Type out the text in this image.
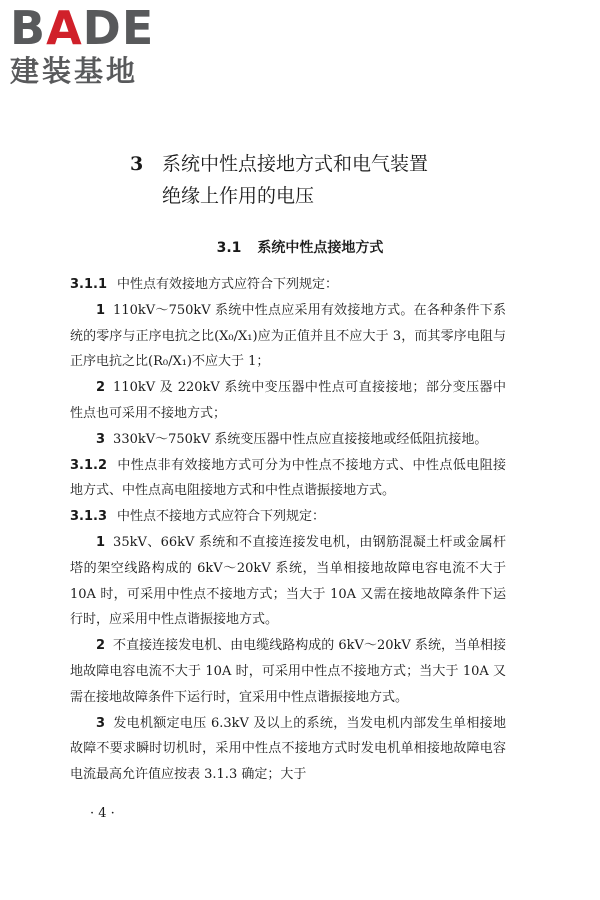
BADE
建装基地
3 系统中性点接地方式和电气装置
绝缘上作用的电压
3.1 系统中性点接地方式

3.1.1 中性点有效接地方式应符合下列规定：

1 110kV～750kV 系统中性点应采用有效接地方式。在各种条件下系统的零序与正序电抗之比(X₀/X₁)应为正值并且不应大于 3，而其零序电阻与正序电抗之比(R₀/X₁)不应大于 1；

2 110kV 及 220kV 系统中变压器中性点可直接接地；部分变压器中性点也可采用不接地方式；

3 330kV～750kV 系统变压器中性点应直接接地或经低阻抗接地。

3.1.2 中性点非有效接地方式可分为中性点不接地方式、中性点低电阻接地方式、中性点高电阻接地方式和中性点谐振接地方式。

3.1.3 中性点不接地方式应符合下列规定：

1 35kV、66kV 系统和不直接连接发电机，由钢筋混凝土杆或金属杆塔的架空线路构成的 6kV～20kV 系统，当单相接地故障电容电流不大于 10A 时，可采用中性点不接地方式；当大于 10A 又需在接地故障条件下运行时，应采用中性点谐振接地方式。

2 不直接连接发电机、由电缆线路构成的 6kV～20kV 系统，当单相接地故障电容电流不大于 10A 时，可采用中性点不接地方式；当大于 10A 又需在接地故障条件下运行时，宜采用中性点谐振接地方式。

3 发电机额定电压 6.3kV 及以上的系统，当发电机内部发生单相接地故障不要求瞬时切机时，采用中性点不接地方式时发电机单相接地故障电容电流最高允许值应按表 3.1.3 确定；大于

· 4 ·
